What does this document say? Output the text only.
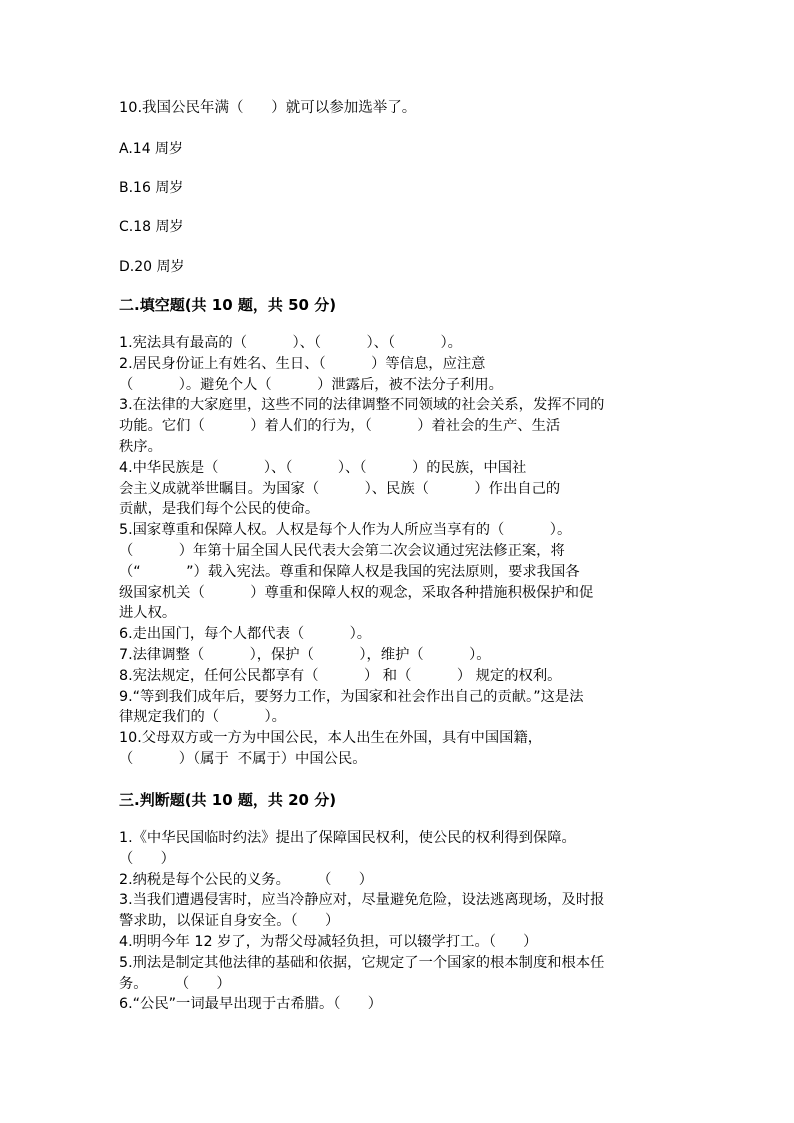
10.我国公民年满（      ）就可以参加选举了。
A.14 周岁
B.16 周岁
C.18 周岁
D.20 周岁
二.填空题(共 10 题，共 50 分)
1.宪法具有最高的（          ）、（          ）、（          ）。
2.居民身份证上有姓名、生日、（          ）等信息，应注意
（          ）。避免个人（          ）泄露后，被不法分子利用。
3.在法律的大家庭里，这些不同的法律调整不同领域的社会关系，发挥不同的
功能。它们（          ）着人们的行为，（          ）着社会的生产、生活
秩序。
4.中华民族是（          ）、（          ）、（          ）的民族，中国社
会主义成就举世瞩目。为国家（          ）、民族（          ）作出自己的
贡献，是我们每个公民的使命。
5.国家尊重和保障人权。人权是每个人作为人所应当享有的（          ）。
（          ）年第十届全国人民代表大会第二次会议通过宪法修正案，将
（“          ”）载入宪法。尊重和保障人权是我国的宪法原则，要求我国各
级国家机关（          ）尊重和保障人权的观念，采取各种措施积极保护和促
进人权。
6.走出国门，每个人都代表（          ）。
7.法律调整（          ），保护（          ），维护（          ）。
8.宪法规定，任何公民都享有（          ） 和（          ） 规定的权利。
9.“等到我们成年后，要努力工作，为国家和社会作出自己的贡献。”这是法
律规定我们的（          ）。
10.父母双方或一方为中国公民，本人出生在外国，具有中国国籍，
（          ）（属于  不属于）中国公民。
三.判断题(共 10 题，共 20 分)
1.《中华民国临时约法》提出了保障国民权利，使公民的权利得到保障。
（      ）
2.纳税是每个公民的义务。      （      ）
3.当我们遭遇侵害时，应当冷静应对，尽量避免危险，设法逃离现场，及时报
警求助，以保证自身安全。（      ）
4.明明今年 12 岁了，为帮父母减轻负担，可以辍学打工。（      ）
5.刑法是制定其他法律的基础和依据，它规定了一个国家的根本制度和根本任
务。      （      ）
6.“公民”一词最早出现于古希腊。（      ）
